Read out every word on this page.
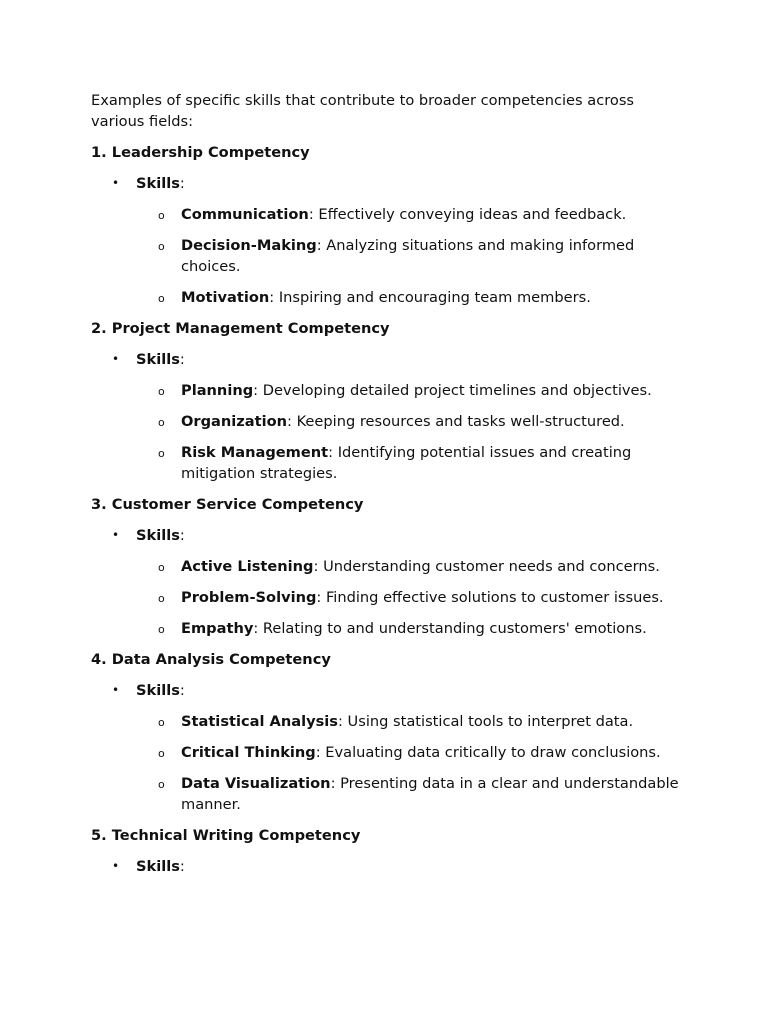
Examples of specific skills that contribute to broader competencies across various fields:

1. Leadership Competency
• Skills:
o Communication: Effectively conveying ideas and feedback.
o Decision-Making: Analyzing situations and making informed choices.
o Motivation: Inspiring and encouraging team members.
2. Project Management Competency
• Skills:
o Planning: Developing detailed project timelines and objectives.
o Organization: Keeping resources and tasks well-structured.
o Risk Management: Identifying potential issues and creating mitigation strategies.
3. Customer Service Competency
• Skills:
o Active Listening: Understanding customer needs and concerns.
o Problem-Solving: Finding effective solutions to customer issues.
o Empathy: Relating to and understanding customers' emotions.
4. Data Analysis Competency
• Skills:
o Statistical Analysis: Using statistical tools to interpret data.
o Critical Thinking: Evaluating data critically to draw conclusions.
o Data Visualization: Presenting data in a clear and understandable manner.
5. Technical Writing Competency
• Skills:
